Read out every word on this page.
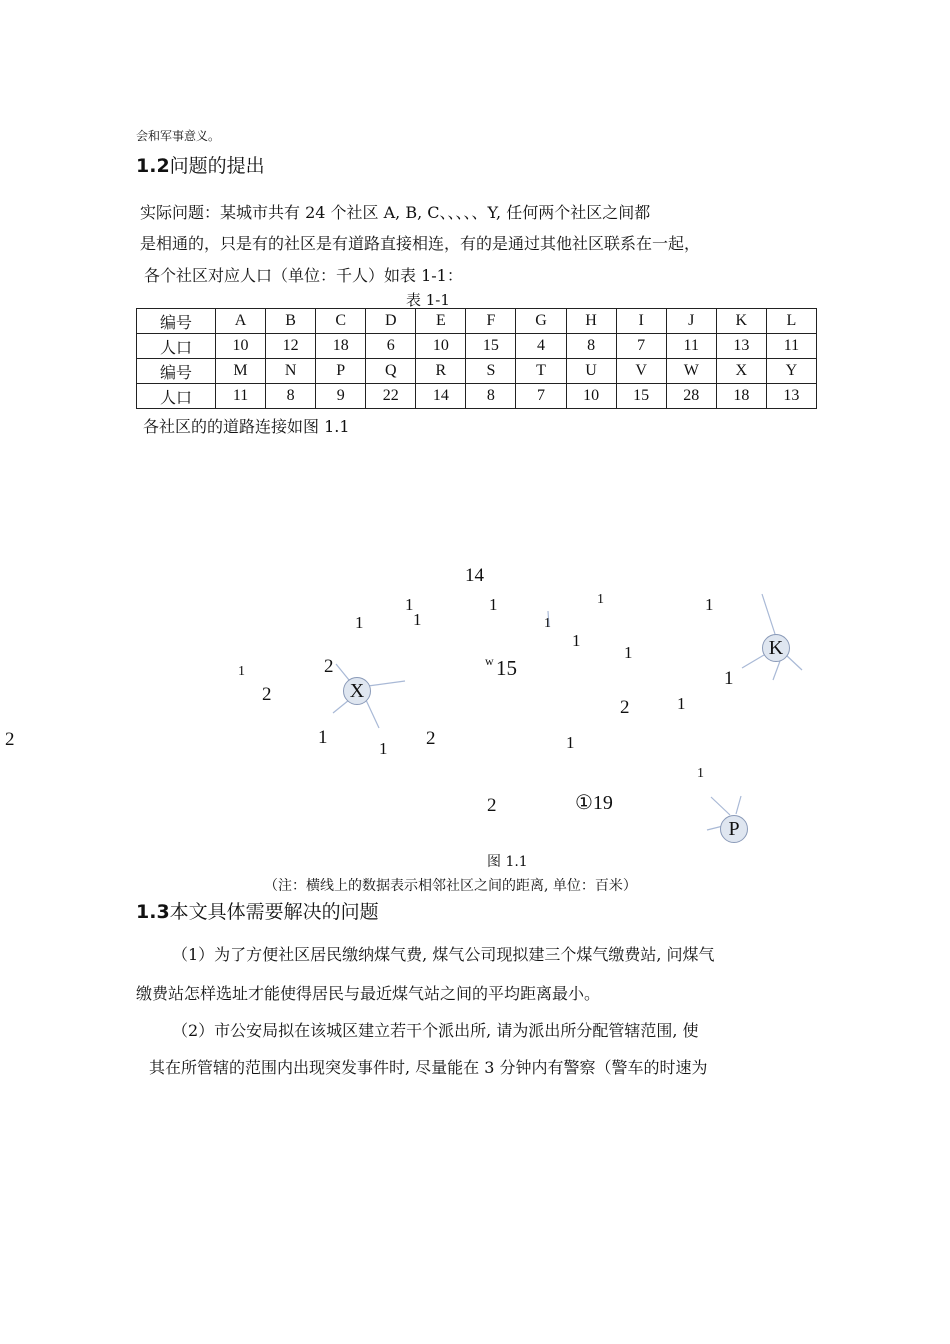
会和军事意义。
1.2问题的提出
实际问题：某城市共有 24 个社区 A, B, C、、、、、Y, 任何两个社区之间都
是相通的，只是有的社区是有道路直接相连，有的是通过其他社区联系在一起，
各个社区对应人口（单位：千人）如表 1-1：
表 1-1
编号	A	B	C	D	E	F	G	H	I	J	K	L
人口	10	12	18	6	10	15	4	8	7	11	13	11
编号	M	N	P	Q	R	S	T	U	V	W	X	Y
人口	11	8	9	22	14	8	7	10	15	28	18	13
各社区的的道路连接如图 1.1
14
1	1	1	1
1	1	1
1
1
1	2
2
2
1
1
2
2
1
1	1
1
2
w 15
①19
X
K
P
图 1.1
（注：横线上的数据表示相邻社区之间的距离, 单位：百米）
1.3本文具体需要解决的问题
（1）为了方便社区居民缴纳煤气费, 煤气公司现拟建三个煤气缴费站, 问煤气
缴费站怎样选址才能使得居民与最近煤气站之间的平均距离最小。
（2）市公安局拟在该城区建立若干个派出所, 请为派出所分配管辖范围, 使
其在所管辖的范围内出现突发事件时, 尽量能在 3 分钟内有警察（警车的时速为
